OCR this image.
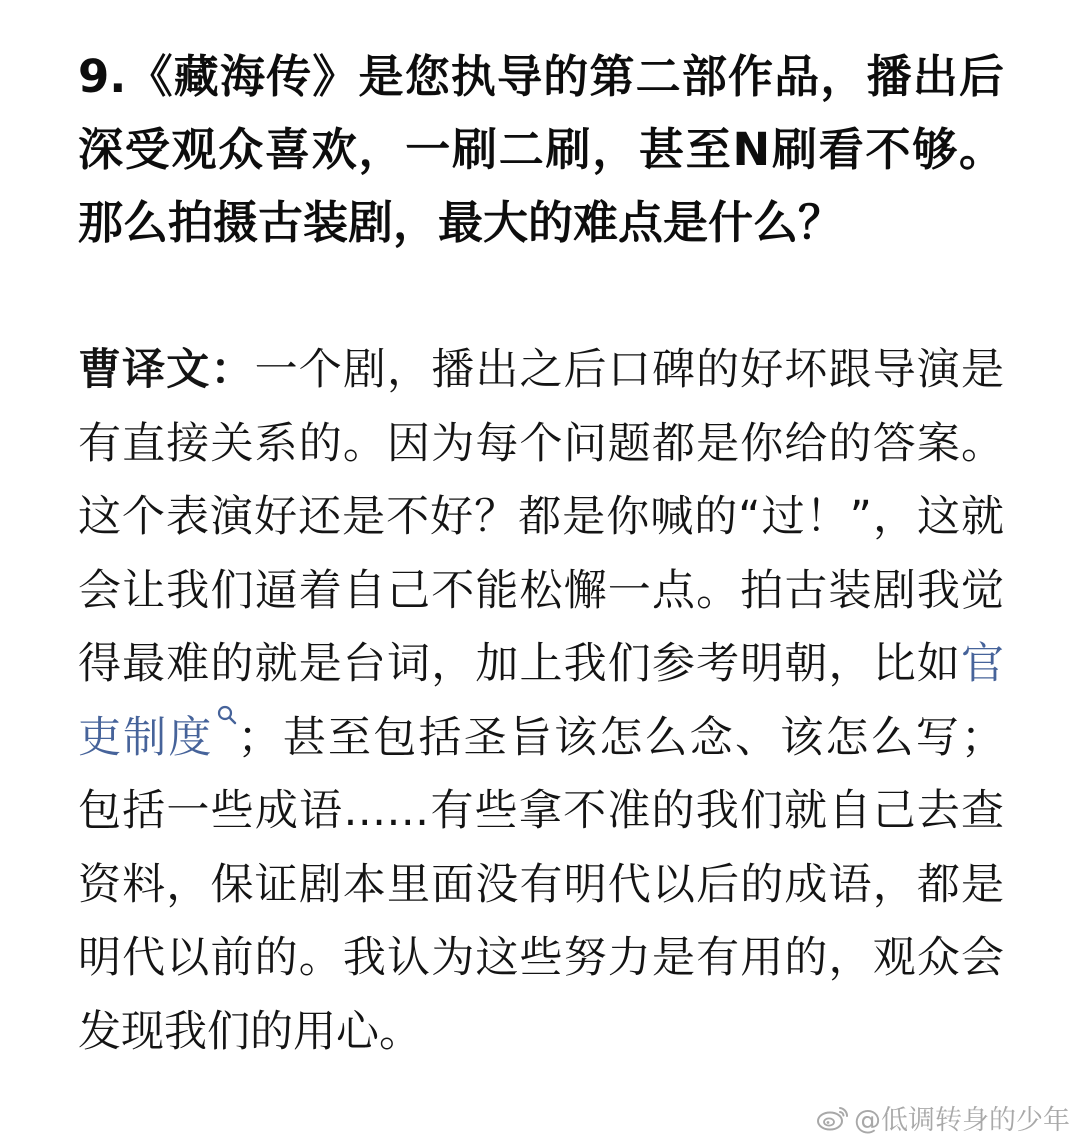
9.《藏海传》是您执导的第二部作品，播出后深受观众喜欢，一刷二刷，甚至N刷看不够。那么拍摄古装剧，最大的难点是什么？

曹译文：一个剧，播出之后口碑的好坏跟导演是有直接关系的。因为每个问题都是你给的答案。这个表演好还是不好？都是你喊的“过！”，这就会让我们逼着自己不能松懈一点。拍古装剧我觉得最难的就是台词，加上我们参考明朝，比如官吏制度 ；甚至包括圣旨该怎么念、该怎么写；包括一些成语……有些拿不准的我们就自己去查资料，保证剧本里面没有明代以后的成语，都是明代以前的。我认为这些努力是有用的，观众会发现我们的用心。

@低调转身的少年
